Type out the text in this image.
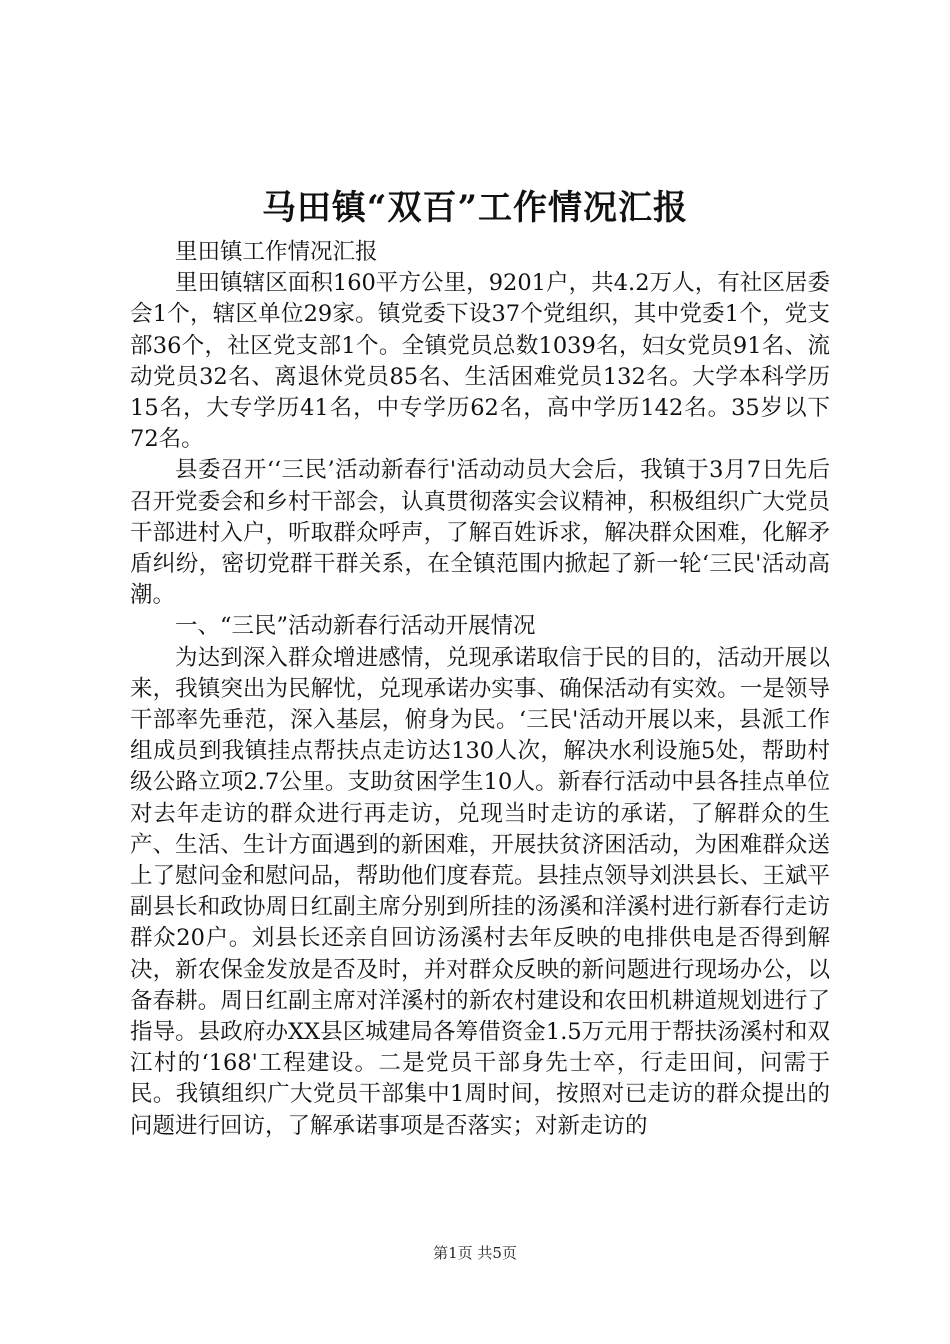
马田镇“双百”工作情况汇报

里田镇工作情况汇报

里田镇辖区面积160平方公里，9201户，共4.2万人，有社区居委会1个，辖区单位29家。镇党委下设37个党组织，其中党委1个，党支部36个，社区党支部1个。全镇党员总数1039名，妇女党员91名、流动党员32名、离退休党员85名、生活困难党员132名。大学本科学历15名，大专学历41名，中专学历62名，高中学历142名。35岁以下72名。

县委召开‘‘三民’活动新春行'活动动员大会后，我镇于3月7日先后召开党委会和乡村干部会，认真贯彻落实会议精神，积极组织广大党员干部进村入户，听取群众呼声，了解百姓诉求，解决群众困难，化解矛盾纠纷，密切党群干群关系，在全镇范围内掀起了新一轮‘三民'活动高潮。

一、“三民”活动新春行活动开展情况

为达到深入群众增进感情，兑现承诺取信于民的目的，活动开展以来，我镇突出为民解忧，兑现承诺办实事、确保活动有实效。一是领导干部率先垂范，深入基层，俯身为民。‘三民'活动开展以来，县派工作组成员到我镇挂点帮扶点走访达130人次，解决水利设施5处，帮助村级公路立项2.7公里。支助贫困学生10人。新春行活动中县各挂点单位对去年走访的群众进行再走访，兑现当时走访的承诺，了解群众的生产、生活、生计方面遇到的新困难，开展扶贫济困活动，为困难群众送上了慰问金和慰问品，帮助他们度春荒。县挂点领导刘洪县长、王斌平副县长和政协周日红副主席分别到所挂的汤溪和洋溪村进行新春行走访群众20户。刘县长还亲自回访汤溪村去年反映的电排供电是否得到解决，新农保金发放是否及时，并对群众反映的新问题进行现场办公，以备春耕。周日红副主席对洋溪村的新农村建设和农田机耕道规划进行了指导。县政府办XX县区城建局各筹借资金1.5万元用于帮扶汤溪村和双江村的‘168'工程建设。二是党员干部身先士卒，行走田间，问需于民。我镇组织广大党员干部集中1周时间，按照对已走访的群众提出的问题进行回访，了解承诺事项是否落实；对新走访的

第1页 共5页
